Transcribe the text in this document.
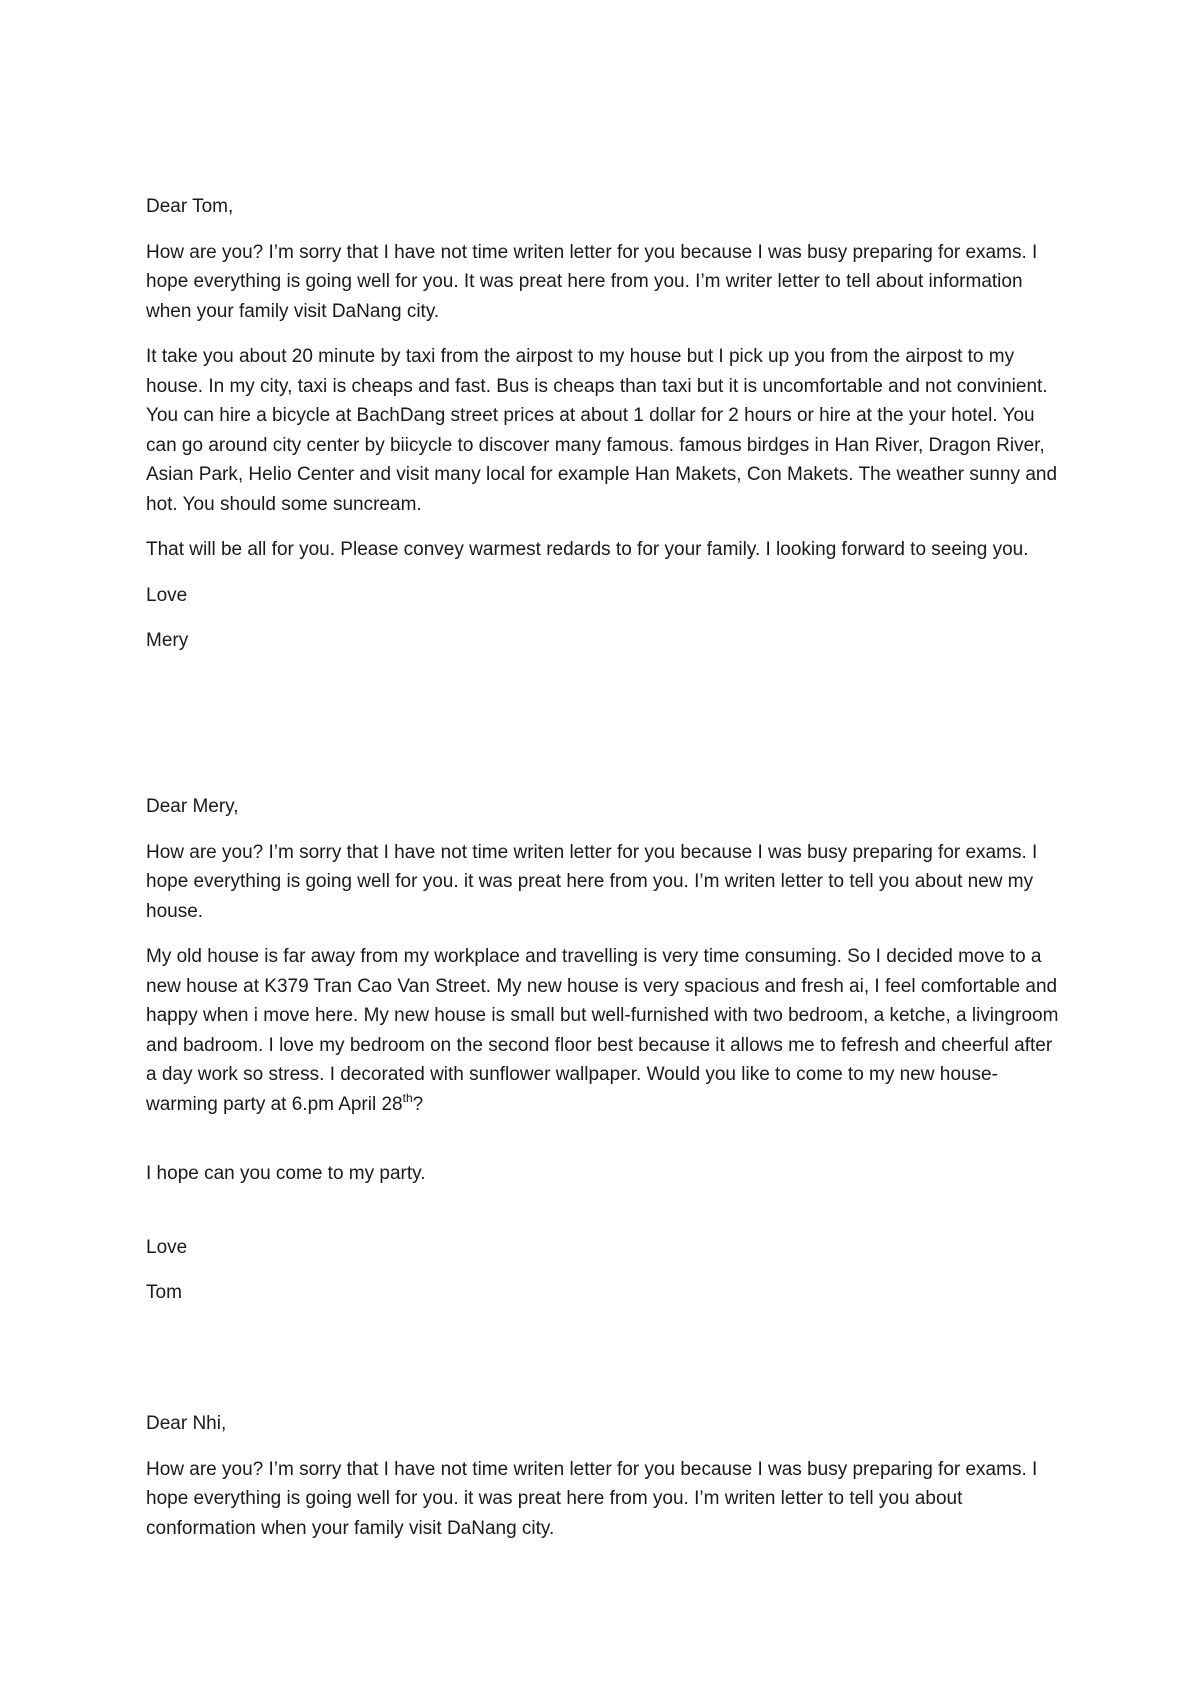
Dear Tom,

How are you? I’m sorry that I have not time writen letter for you because I was busy preparing for exams. I hope everything is going well for you. It was preat here from you. I’m writer letter to tell about information when your family visit DaNang city.

It take you about 20 minute by taxi from the airpost to my house but I pick up you from the airpost to my house. In my city, taxi is cheaps and fast. Bus is cheaps than taxi but it is uncomfortable and not convinient. You can hire a bicycle at BachDang street prices at about 1 dollar for 2 hours or hire at the your hotel. You can go around city center by biicycle to discover many famous. famous birdges in Han River, Dragon River, Asian Park, Helio Center and visit many local for example Han Makets, Con Makets. The weather sunny and hot. You should some suncream.

That will be all for you. Please convey warmest redards to for your family. I looking forward to seeing you.

Love

Mery

Dear Mery,

How are you? I’m sorry that I have not time writen letter for you because I was busy preparing for exams. I hope everything is going well for you. it was preat here from you. I’m writen letter to tell you about new my house.

My old house is far away from my workplace and travelling is very time consuming. So I decided move to a new house at K379 Tran Cao Van Street. My new house is very spacious and fresh ai, I feel comfortable and happy when i move here. My new house is small but well-furnished with two bedroom, a ketche, a livingroom and badroom. I love my bedroom on the second floor best because it allows me to fefresh and cheerful after a day work so stress. I decorated with sunflower wallpaper. Would you like to come to my new house-warming party at 6.pm April 28th?

I hope can you come to my party.

Love

Tom

Dear Nhi,

How are you? I’m sorry that I have not time writen letter for you because I was busy preparing for exams. I hope everything is going well for you. it was preat here from you. I’m writen letter to tell you about conformation when your family visit DaNang city.
